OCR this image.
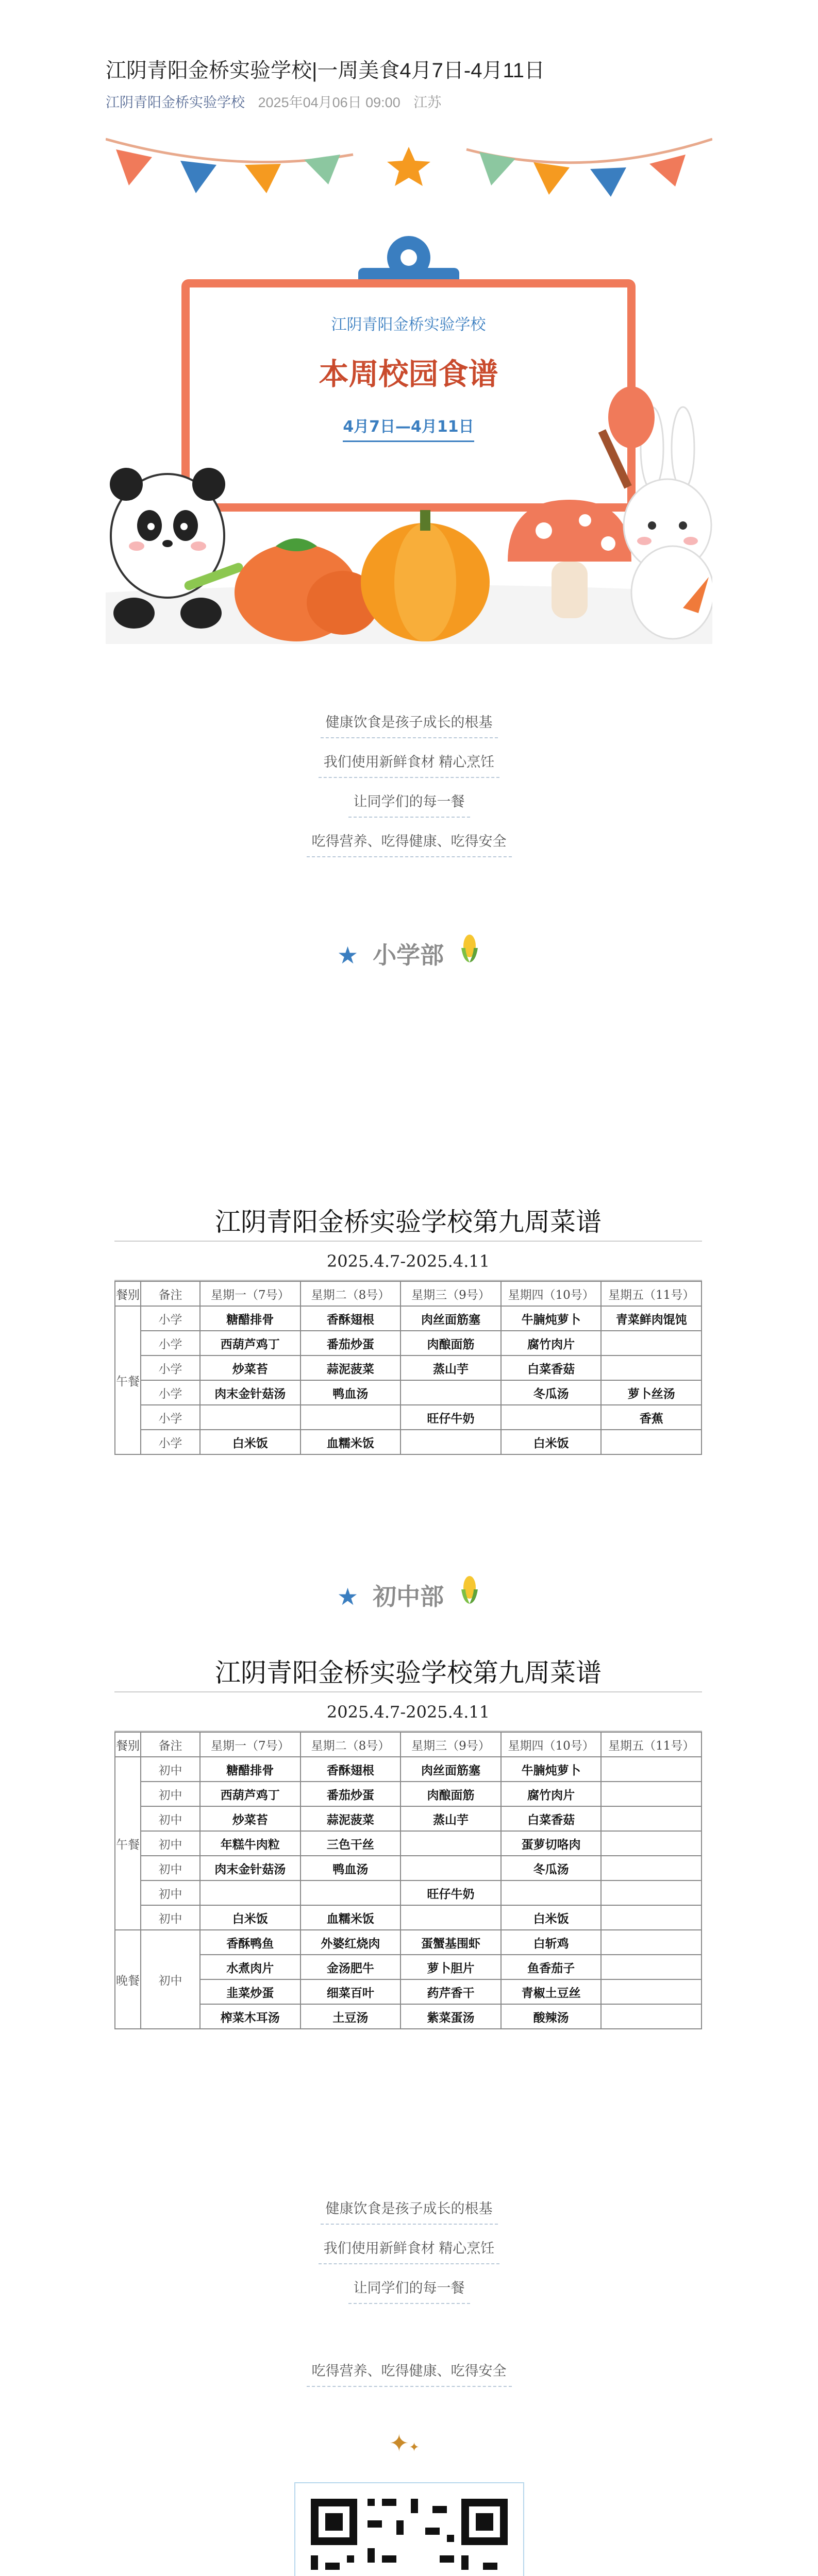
江阴青阳金桥实验学校|一周美食4月7日-4月11日
江阴青阳金桥实验学校 2025年04月06日 09:00 江苏
江阴青阳金桥实验学校
本周校园食谱
4月7日—4月11日
健康饮食是孩子成长的根基
我们使用新鲜食材 精心烹饪
让同学们的每一餐
吃得营养、吃得健康、吃得安全
★ 小学部
江阴青阳金桥实验学校第九周菜谱
2025.4.7-2025.4.11
餐别	备注	星期一（7号）	星期二（8号）	星期三（9号）	星期四（10号）	星期五（11号）
午餐	小学	糖醋排骨	香酥翅根	肉丝面筋塞	牛腩炖萝卜	青菜鲜肉馄饨
	小学	西葫芦鸡丁	番茄炒蛋	肉酿面筋	腐竹肉片	
	小学	炒菜苔	蒜泥菠菜	蒸山芋	白菜香菇	
	小学	肉末金针菇汤	鸭血汤		冬瓜汤	萝卜丝汤
	小学			旺仔牛奶		香蕉
	小学	白米饭	血糯米饭		白米饭	
★ 初中部
江阴青阳金桥实验学校第九周菜谱
2025.4.7-2025.4.11
餐别	备注	星期一（7号）	星期二（8号）	星期三（9号）	星期四（10号）	星期五（11号）
午餐	初中	糖醋排骨	香酥翅根	肉丝面筋塞	牛腩炖萝卜	
	初中	西葫芦鸡丁	番茄炒蛋	肉酿面筋	腐竹肉片	
	初中	炒菜苔	蒜泥菠菜	蒸山芋	白菜香菇	
	初中	年糕牛肉粒	三色干丝		蛋萝切咯肉	
	初中	肉末金针菇汤	鸭血汤		冬瓜汤	
	初中			旺仔牛奶		
	初中	白米饭	血糯米饭		白米饭	
晚餐	初中	香酥鸭鱼	外婆红烧肉	蛋蟹基围虾	白斩鸡	
		水煮肉片	金汤肥牛	萝卜胆片	鱼香茄子	
		韭菜炒蛋	细菜百叶	药芹香干	青椒土豆丝	
		榨菜木耳汤	土豆汤	紫菜蛋汤	酸辣汤	
健康饮食是孩子成长的根基
我们使用新鲜食材 精心烹饪
让同学们的每一餐
吃得营养、吃得健康、吃得安全
✦✦
